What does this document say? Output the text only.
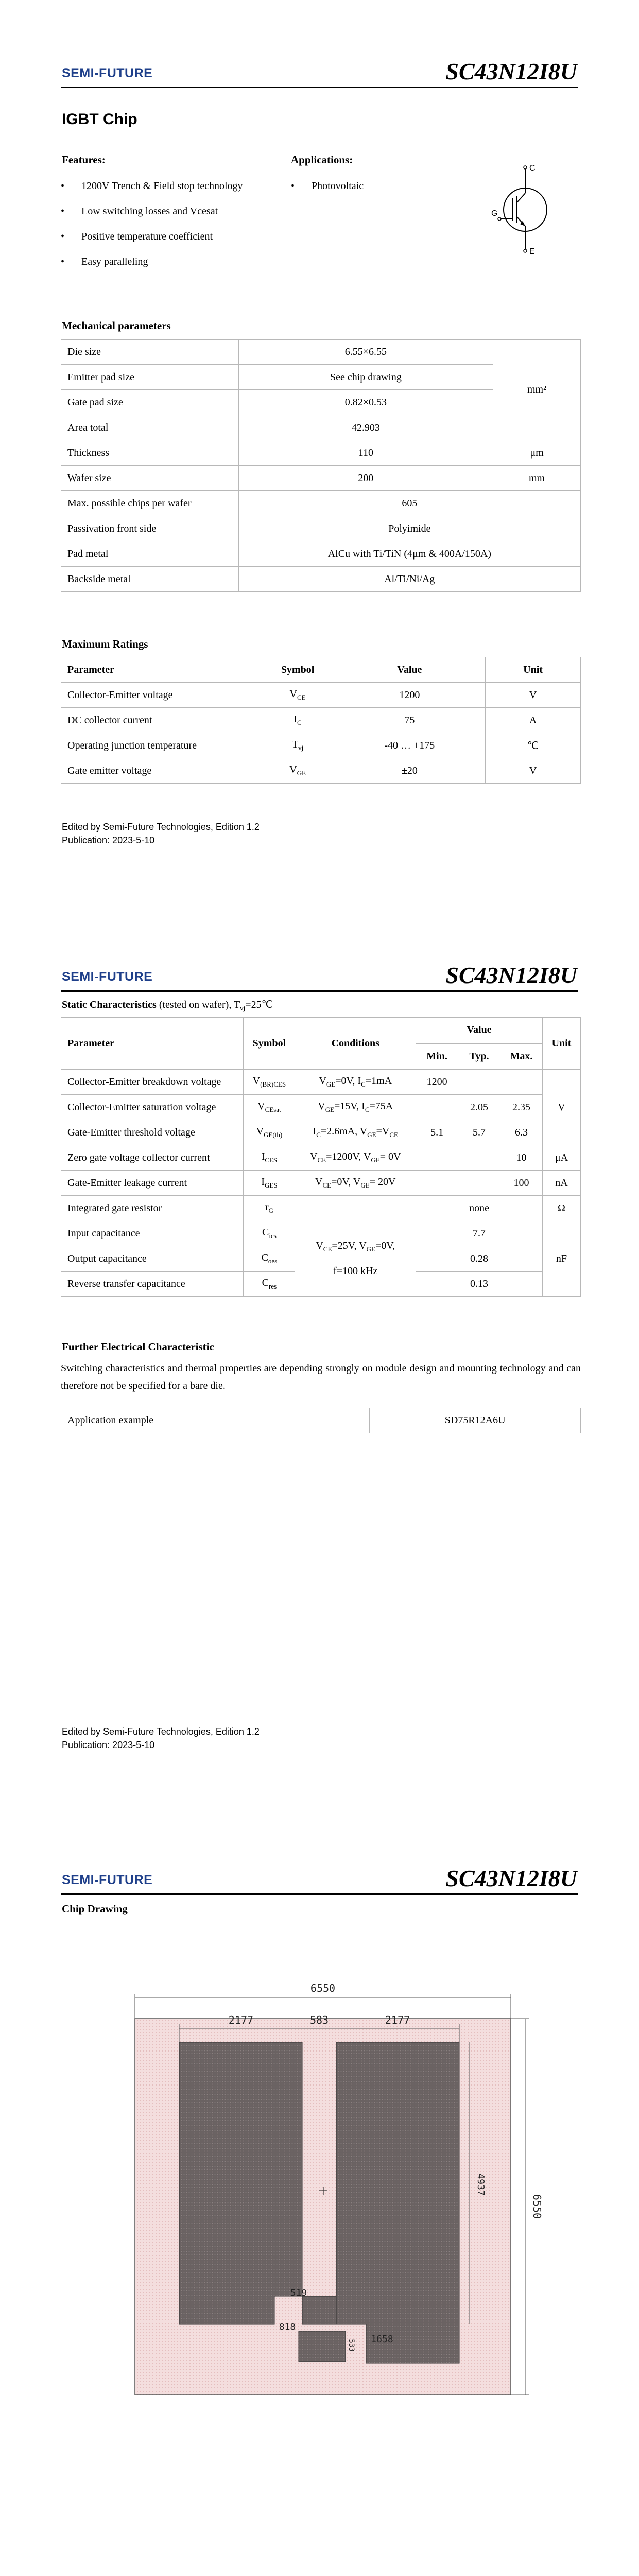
SEMI-FUTURE	SC43N12I8U
IGBT Chip
Features:
• 1200V Trench & Field stop technology
• Low switching losses and Vcesat
• Positive temperature coefficient
• Easy paralleling
Applications:
• Photovoltaic
C
E
G
Mechanical parameters
Die size	6.55×6.55	mm²
Emitter pad size	See chip drawing	
Gate pad size	0.82×0.53	
Area total	42.903	
Thickness	110	μm
Wafer size	200	mm
Max. possible chips per wafer	605	
Passivation front side	Polyimide	
Pad metal	AlCu with Ti/TiN (4μm & 400A/150A)	
Backside metal	Al/Ti/Ni/Ag	
Maximum Ratings
Parameter	Symbol	Value	Unit
Collector-Emitter voltage	$V_{CE}$	1200	V
DC collector current	$I_C$	75	A
Operating junction temperature	$T_{vj}$	-40 … +175	℃
Gate emitter voltage	$V_{GE}$	±20	V
Edited by Semi-Future Technologies, Edition 1.2
Publication: 2023-5-10
SEMI-FUTURE	SC43N12I8U
Static Characteristics (tested on wafer), $T_{vj}=25℃$
Parameter	Symbol	Conditions	Value			Unit
			Min.	Typ.	Max.	
Collector-Emitter breakdown voltage	$V_{(BR)CES}$	$V_{GE}=0V$, $I_C=1mA$	1200			V
Collector-Emitter saturation voltage	$V_{CEsat}$	$V_{GE}=15V$, $I_C=75A$		2.05	2.35	
Gate-Emitter threshold voltage	$V_{GE(th)}$	$I_C=2.6mA$, $V_{GE}=V_{CE}$	5.1	5.7	6.3	
Zero gate voltage collector current	$I_{CES}$	$V_{CE}=1200V$, $V_{GE}= 0V$			10	μA
Gate-Emitter leakage current	$I_{GES}$	$V_{CE}=0V$, $V_{GE}= 20V$			100	nA
Integrated gate resistor	$r_G$			none		Ω
Input capacitance	$C_{ies}$	$V_{CE}=25V$, $V_{GE}=0V$,

f=100 kHz		7.7		nF
Output capacitance	$C_{oes}$			0.28		
Reverse transfer capacitance	$C_{res}$			0.13		
Further Electrical Characteristic
Switching characteristics and thermal properties are depending strongly on module design and mounting technology and can therefore not be specified for a bare die.
Application example	SD75R12A6U
Edited by Semi-Future Technologies, Edition 1.2
Publication: 2023-5-10
SEMI-FUTURE	SC43N12I8U
Chip Drawing
6550
2177	583	2177
519
818
1658
4937
6550
533
